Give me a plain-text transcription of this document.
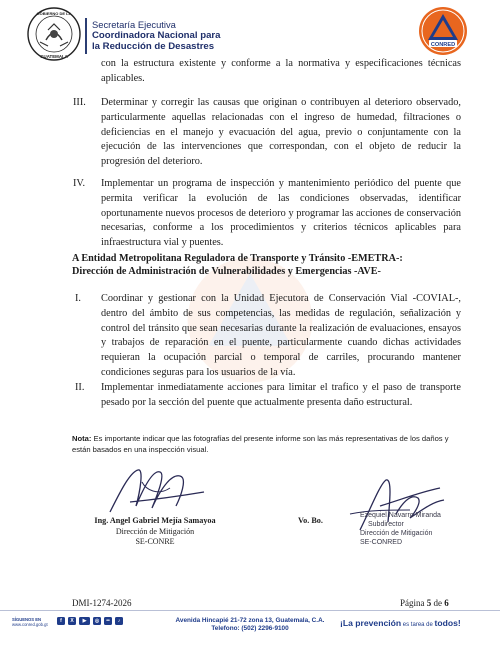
GOBIERNO DE LA
GUATEMALA
Secretaría Ejecutiva
Coordinadora Nacional para
la Reducción de Desastres	CONRED
con la estructura existente y conforme a la normativa y especificaciones técnicas aplicables.
III. Determinar y corregir las causas que originan o contribuyen al deterioro observado, particularmente aquellas relacionadas con el ingreso de humedad, filtraciones o deficiencias en el manejo y evacuación del agua, previo o conjuntamente con la ejecución de las intervenciones que correspondan, con el objeto de reducir la progresión del deterioro.
IV. Implementar un programa de inspección y mantenimiento periódico del puente que permita verificar la evolución de las condiciones observadas, identificar oportunamente nuevos procesos de deterioro y programar las acciones de conservación necesarias, conforme a los procedimientos y criterios técnicos aplicables para infraestructura vial y puentes.
A Entidad Metropolitana Reguladora de Transporte y Tránsito -EMETRA-:
Dirección de Administración de Vulnerabilidades y Emergencias -AVE-
I. Coordinar y gestionar con la Unidad Ejecutora de Conservación Vial -COVIAL-, dentro del ámbito de sus competencias, las medidas de regulación, señalización y control del tránsito que sean necesarias durante la realización de evaluaciones, ensayos y trabajos de reparación en el puente, particularmente cuando dichas actividades requieran la ocupación parcial o temporal de carriles, procurando mantener condiciones seguras para los usuarios de la vía.
II. Implementar inmediatamente acciones para limitar el trafico y el paso de transporte pesado por la sección del puente que actualmente presenta daño estructural.
Nota: Es importante indicar que las fotografías del presente informe son las más representativas de los daños y están basados en una inspección visual.
Ing. Angel Gabriel Mejía Samayoa
Dirección de Mitigación
SE-CONRE
Vo. Bo.
Ezequiel Navarro Miranda
Subdirector
Dirección de Mitigación
SE-CONRED
DMI-1274-2026	Página 5 de 6
SÍGUENOS EN
www.conred.gob.gt
f	X	▶	◎	••	♪	Avenida Hincapié 21-72 zona 13, Guatemala, C.A.
Telefono: (502) 2296-9100
¡La prevención es tarea de todos!
